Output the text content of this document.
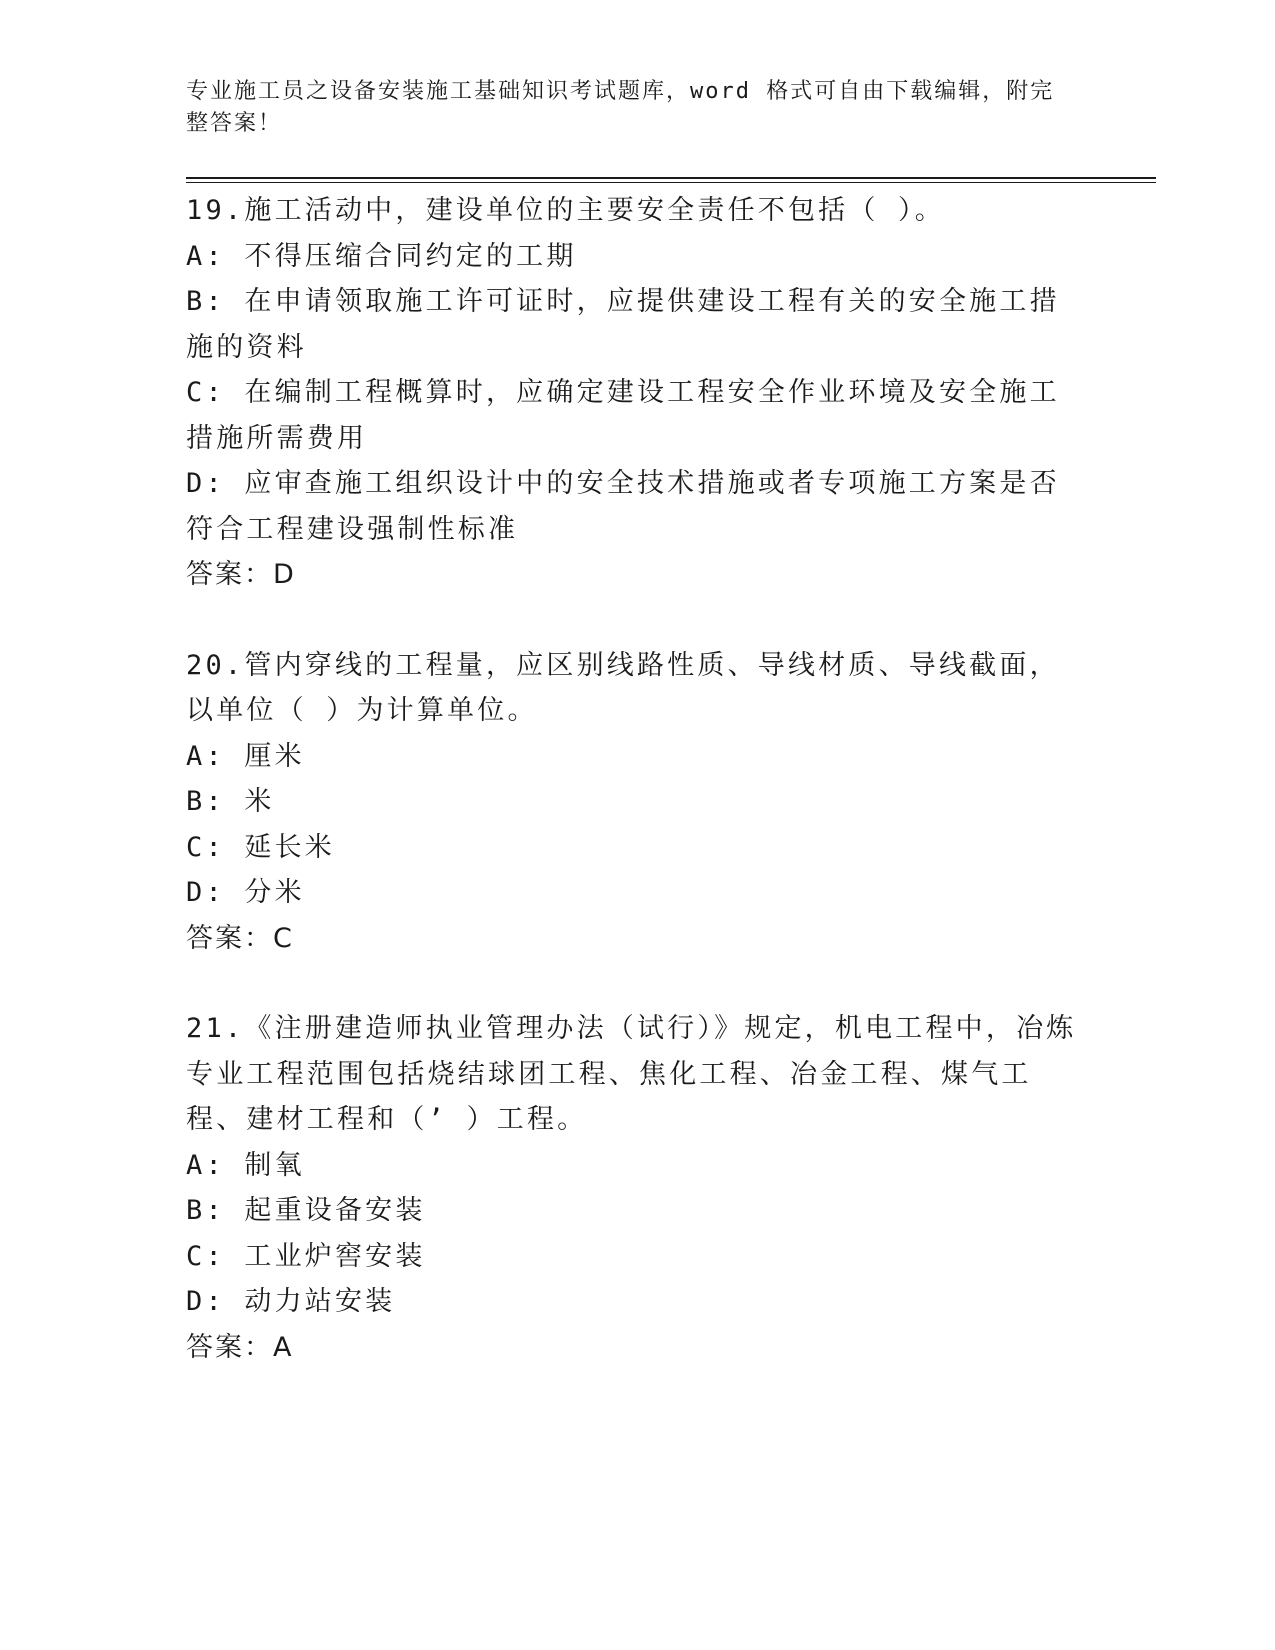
专业施工员之设备安装施工基础知识考试题库，word 格式可自由下载编辑，附完整答案！
19.施工活动中，建设单位的主要安全责任不包括（ ）。
A: 不得压缩合同约定的工期
B: 在申请领取施工许可证时，应提供建设工程有关的安全施工措施的资料
C: 在编制工程概算时，应确定建设工程安全作业环境及安全施工措施所需费用
D: 应审查施工组织设计中的安全技术措施或者专项施工方案是否符合工程建设强制性标准
答案：D
20.管内穿线的工程量，应区别线路性质、导线材质、导线截面，以单位（ ）为计算单位。
A: 厘米
B: 米
C: 延长米
D: 分米
答案：C
21.《注册建造师执业管理办法（试行）》规定，机电工程中，冶炼专业工程范围包括烧结球团工程、焦化工程、冶金工程、煤气工程、建材工程和（’ ）工程。
A: 制氧
B: 起重设备安装
C: 工业炉窖安装
D: 动力站安装
答案：A
